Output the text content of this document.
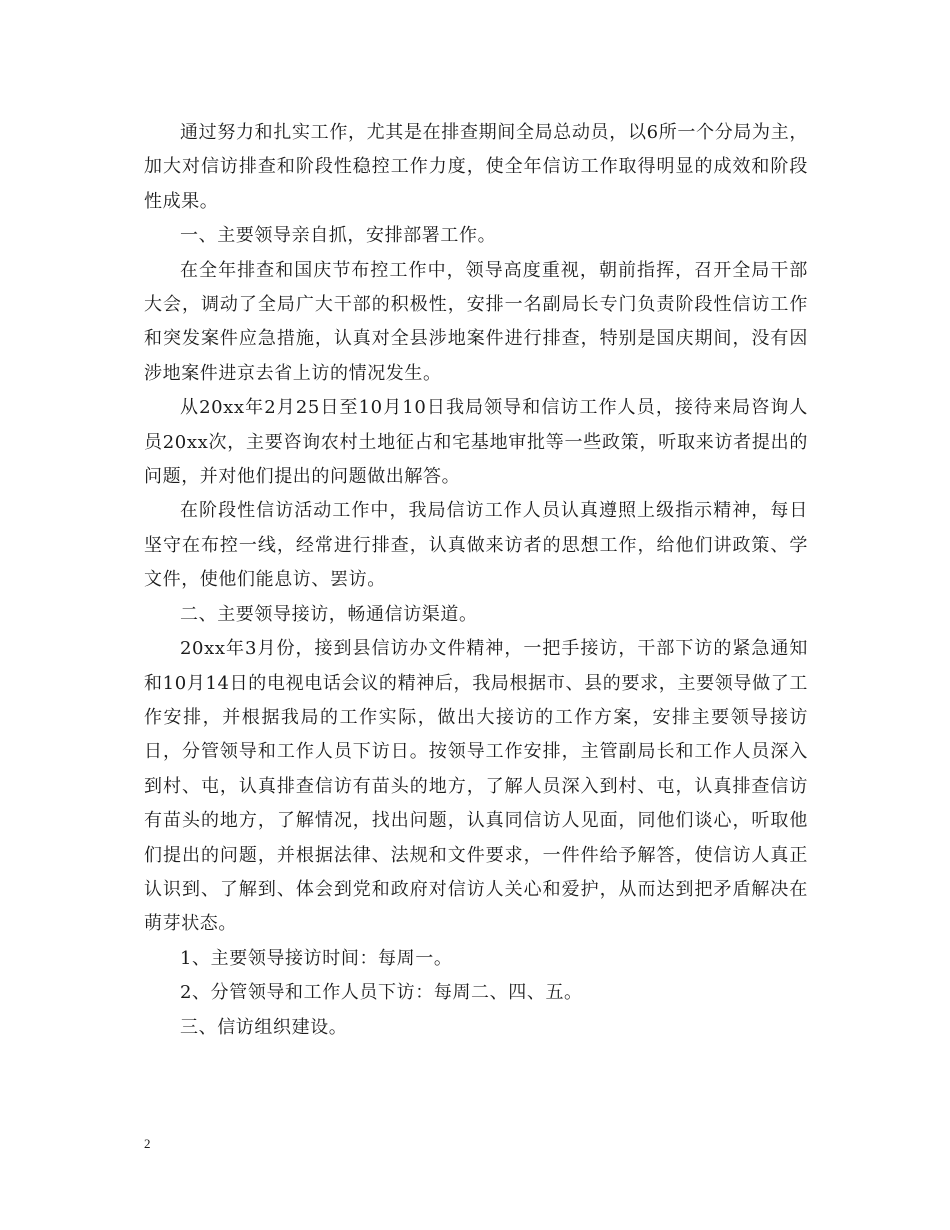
通过努力和扎实工作，尤其是在排查期间全局总动员，以6所一个分局为主，加大对信访排查和阶段性稳控工作力度，使全年信访工作取得明显的成效和阶段性成果。

一、主要领导亲自抓，安排部署工作。

在全年排查和国庆节布控工作中，领导高度重视，朝前指挥，召开全局干部大会，调动了全局广大干部的积极性，安排一名副局长专门负责阶段性信访工作和突发案件应急措施，认真对全县涉地案件进行排查，特别是国庆期间，没有因涉地案件进京去省上访的情况发生。

从20xx年2月25日至10月10日我局领导和信访工作人员，接待来局咨询人员20xx次，主要咨询农村土地征占和宅基地审批等一些政策，听取来访者提出的问题，并对他们提出的问题做出解答。

在阶段性信访活动工作中，我局信访工作人员认真遵照上级指示精神，每日坚守在布控一线，经常进行排查，认真做来访者的思想工作，给他们讲政策、学文件，使他们能息访、罢访。

二、主要领导接访，畅通信访渠道。

20xx年3月份，接到县信访办文件精神，一把手接访，干部下访的紧急通知和10月14日的电视电话会议的精神后，我局根据市、县的要求，主要领导做了工作安排，并根据我局的工作实际，做出大接访的工作方案，安排主要领导接访日，分管领导和工作人员下访日。按领导工作安排，主管副局长和工作人员深入到村、屯，认真排查信访有苗头的地方，了解人员深入到村、屯，认真排查信访有苗头的地方，了解情况，找出问题，认真同信访人见面，同他们谈心，听取他们提出的问题，并根据法律、法规和文件要求，一件件给予解答，使信访人真正认识到、了解到、体会到党和政府对信访人关心和爱护，从而达到把矛盾解决在萌芽状态。

1、主要领导接访时间：每周一。

2、分管领导和工作人员下访：每周二、四、五。

三、信访组织建设。

2
